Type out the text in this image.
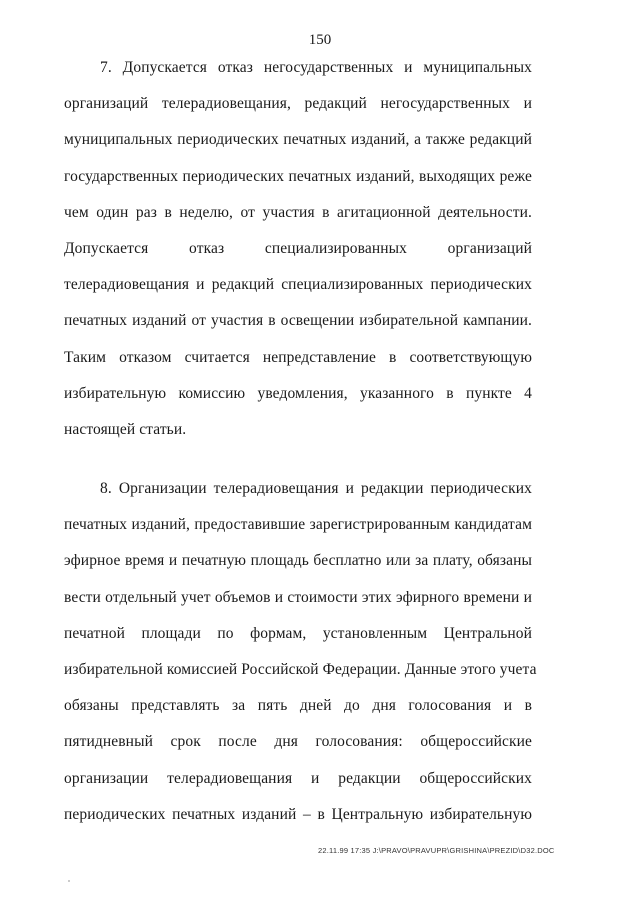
150
7. Допускается отказ негосударственных и муниципальных
организаций телерадиовещания, редакций негосударственных и
муниципальных периодических печатных изданий, а также редакций
государственных периодических печатных изданий, выходящих реже
чем один раз в неделю, от участия в агитационной деятельности.
Допускается отказ специализированных организаций
телерадиовещания и редакций специализированных периодических
печатных изданий от участия в освещении избирательной кампании.
Таким отказом считается непредставление в соответствующую
избирательную комиссию уведомления, указанного в пункте 4
настоящей статьи.
8. Организации телерадиовещания и редакции периодических
печатных изданий, предоставившие зарегистрированным кандидатам
эфирное время и печатную площадь бесплатно или за плату, обязаны
вести отдельный учет объемов и стоимости этих эфирного времени и
печатной площади по формам, установленным Центральной
избирательной комиссией Российской Федерации. Данные этого учета
обязаны представлять за пять дней до дня голосования и в
пятидневный срок после дня голосования: общероссийские
организации телерадиовещания и редакции общероссийских
периодических печатных изданий – в Центральную избирательную
22.11.99 17:35 J:\PRAVO\PRAVUPR\GRISHINA\PREZID\D32.DOC
